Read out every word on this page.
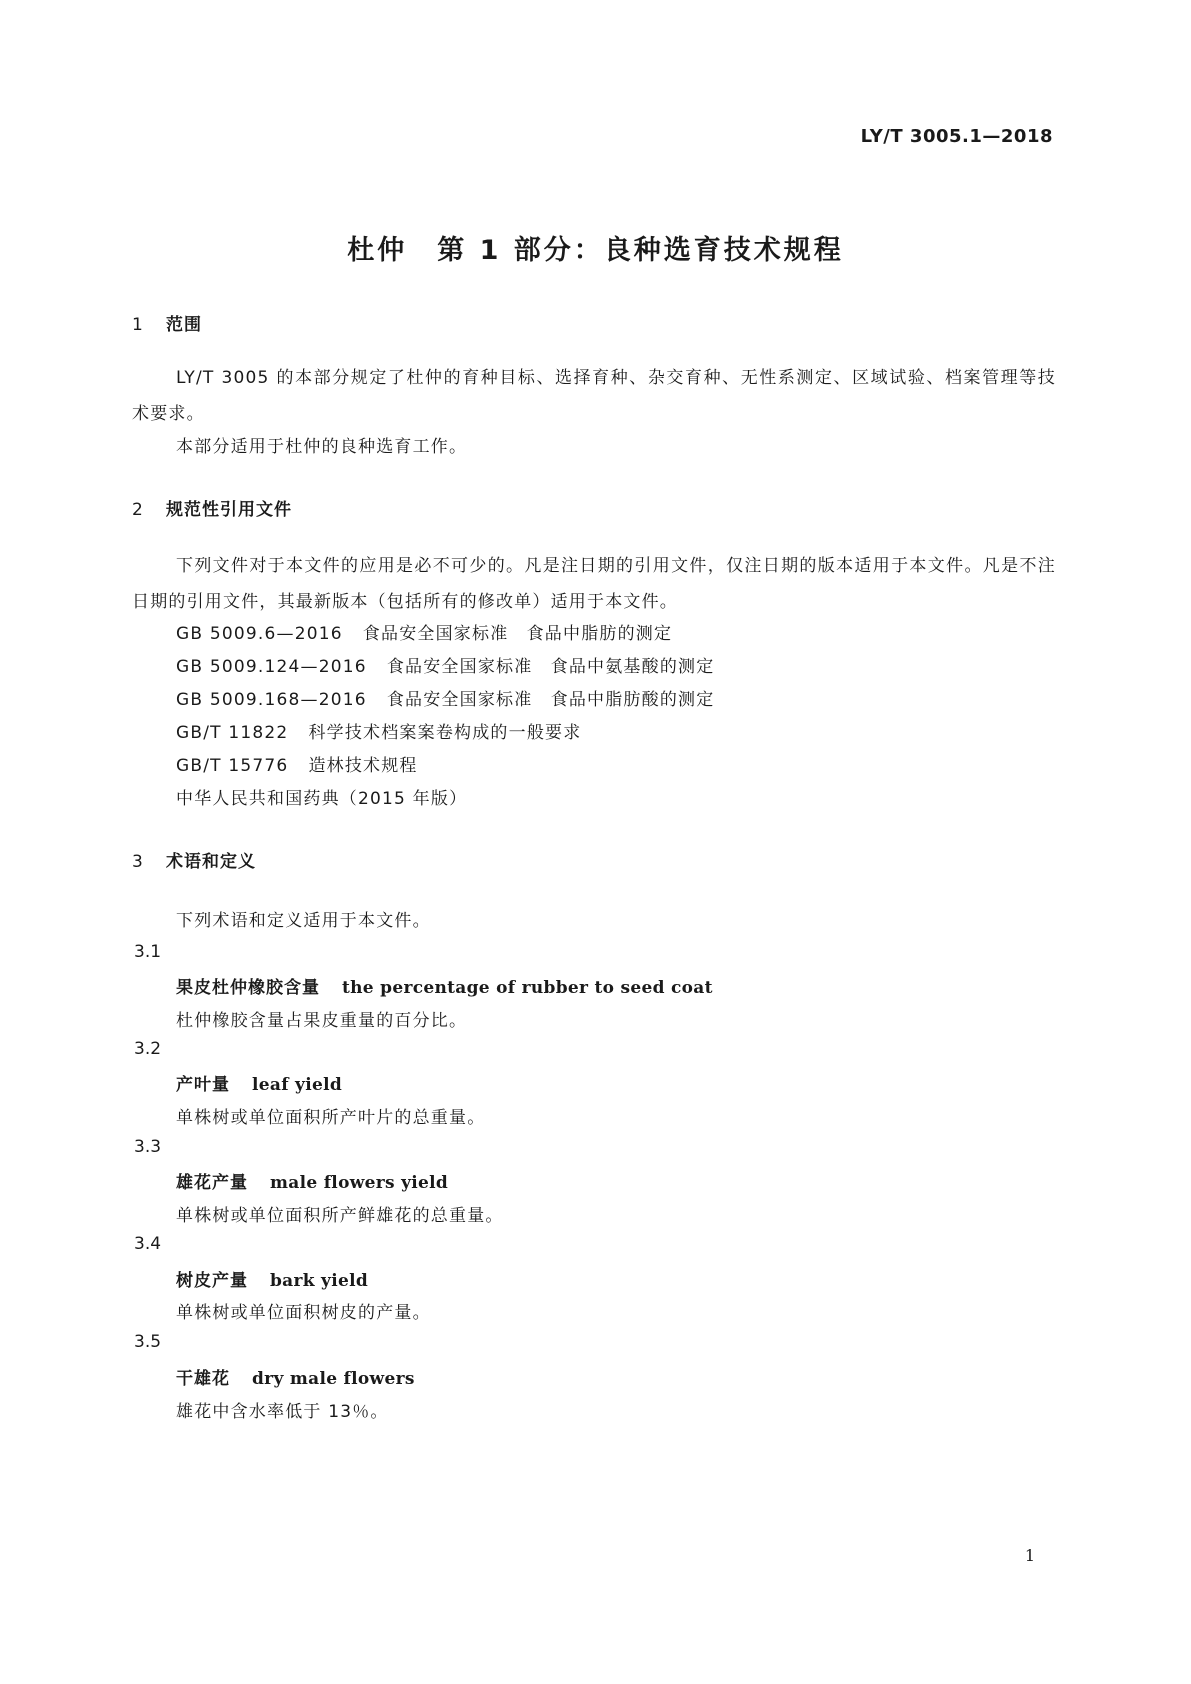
LY/T 3005.1—2018
杜仲　第 1 部分：良种选育技术规程
1 范围
LY/T 3005 的本部分规定了杜仲的育种目标、选择育种、杂交育种、无性系测定、区域试验、档案管理等技术要求。
本部分适用于杜仲的良种选育工作。
2 规范性引用文件
下列文件对于本文件的应用是必不可少的。凡是注日期的引用文件，仅注日期的版本适用于本文件。凡是不注日期的引用文件，其最新版本（包括所有的修改单）适用于本文件。
GB 5009.6—2016 食品安全国家标准　食品中脂肪的测定
GB 5009.124—2016 食品安全国家标准　食品中氨基酸的测定
GB 5009.168—2016 食品安全国家标准　食品中脂肪酸的测定
GB/T 11822 科学技术档案案卷构成的一般要求
GB/T 15776 造林技术规程
中华人民共和国药典（2015 年版）
3 术语和定义
下列术语和定义适用于本文件。
3.1
果皮杜仲橡胶含量 the percentage of rubber to seed coat
杜仲橡胶含量占果皮重量的百分比。
3.2
产叶量 leaf yield
单株树或单位面积所产叶片的总重量。
3.3
雄花产量 male flowers yield
单株树或单位面积所产鲜雄花的总重量。
3.4
树皮产量 bark yield
单株树或单位面积树皮的产量。
3.5
干雄花 dry male flowers
雄花中含水率低于 13％。
1
